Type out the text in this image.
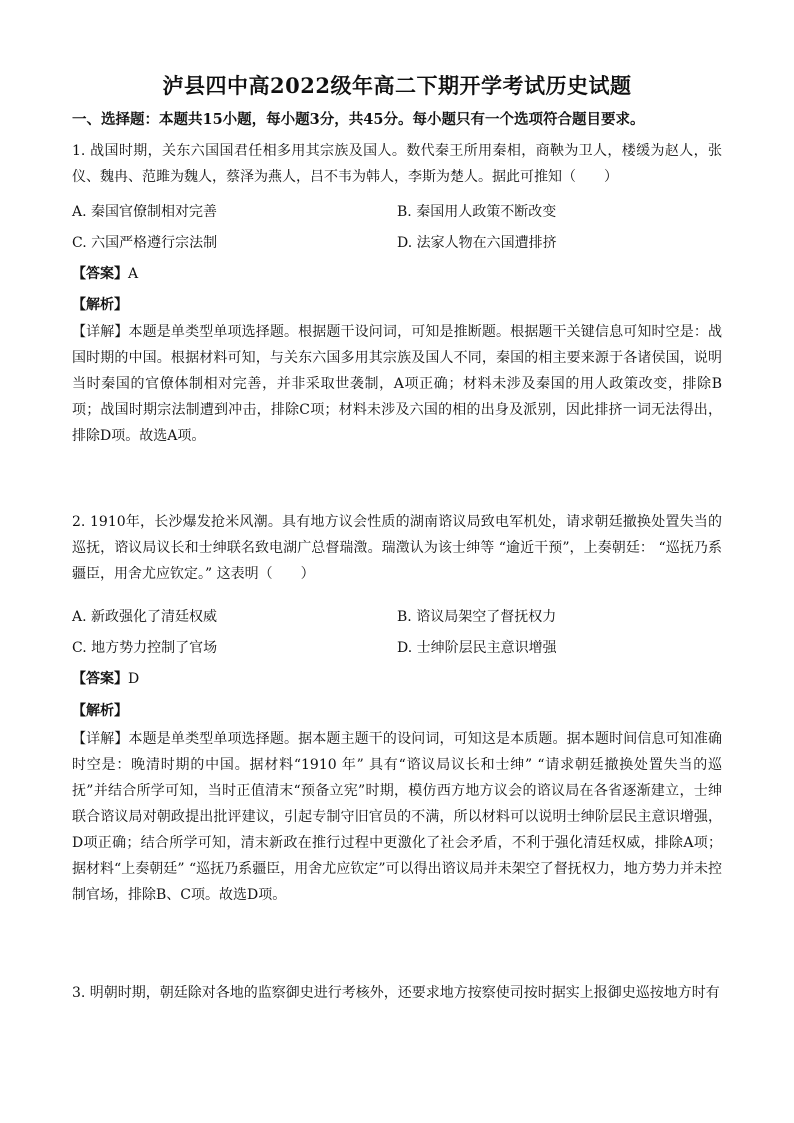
泸县四中高2022级年高二下期开学考试历史试题
一、选择题：本题共15小题，每小题3分，共45分。每小题只有一个选项符合题目要求。

1. 战国时期，关东六国国君任相多用其宗族及国人。数代秦王所用秦相，商鞅为卫人，楼缓为赵人，张仪、魏冉、范雎为魏人，蔡泽为燕人，吕不韦为韩人，李斯为楚人。据此可推知（　　）

A. 秦国官僚制相对完善	B. 秦国用人政策不断改变
C. 六国严格遵行宗法制	D. 法家人物在六国遭排挤
【答案】A
【解析】

【详解】本题是单类型单项选择题。根据题干设问词，可知是推断题。根据题干关键信息可知时空是：战国时期的中国。根据材料可知，与关东六国多用其宗族及国人不同，秦国的相主要来源于各诸侯国，说明当时秦国的官僚体制相对完善，并非采取世袭制，A项正确；材料未涉及秦国的用人政策改变，排除B项；战国时期宗法制遭到冲击，排除C项；材料未涉及六国的相的出身及派别，因此排挤一词无法得出，排除D项。故选A项。

2. 1910年，长沙爆发抢米风潮。具有地方议会性质的湖南谘议局致电军机处，请求朝廷撤换处置失当的巡抚，谘议局议长和士绅联名致电湖广总督瑞澂。瑞澂认为该士绅等 “逾近干预”，上奏朝廷： “巡抚乃系疆臣，用舍尤应钦定。” 这表明（　　）

A. 新政强化了清廷权威	B. 谘议局架空了督抚权力
C. 地方势力控制了官场	D. 士绅阶层民主意识增强
【答案】D
【解析】

【详解】本题是单类型单项选择题。据本题主题干的设问词，可知这是本质题。据本题时间信息可知准确时空是：晚清时期的中国。据材料“1910 年” 具有“谘议局议长和士绅” “请求朝廷撤换处置失当的巡抚”并结合所学可知，当时正值清末“预备立宪”时期，模仿西方地方议会的谘议局在各省逐渐建立，士绅联合谘议局对朝政提出批评建议，引起专制守旧官员的不满，所以材料可以说明士绅阶层民主意识增强，D项正确；结合所学可知，清末新政在推行过程中更激化了社会矛盾，不利于强化清廷权威，排除A项；据材料“上奏朝廷” “巡抚乃系疆臣，用舍尤应钦定”可以得出谘议局并未架空了督抚权力，地方势力并未控制官场，排除B、C项。故选D项。

3. 明朝时期，朝廷除对各地的监察御史进行考核外，还要求地方按察使司按时据实上报御史巡按地方时有
